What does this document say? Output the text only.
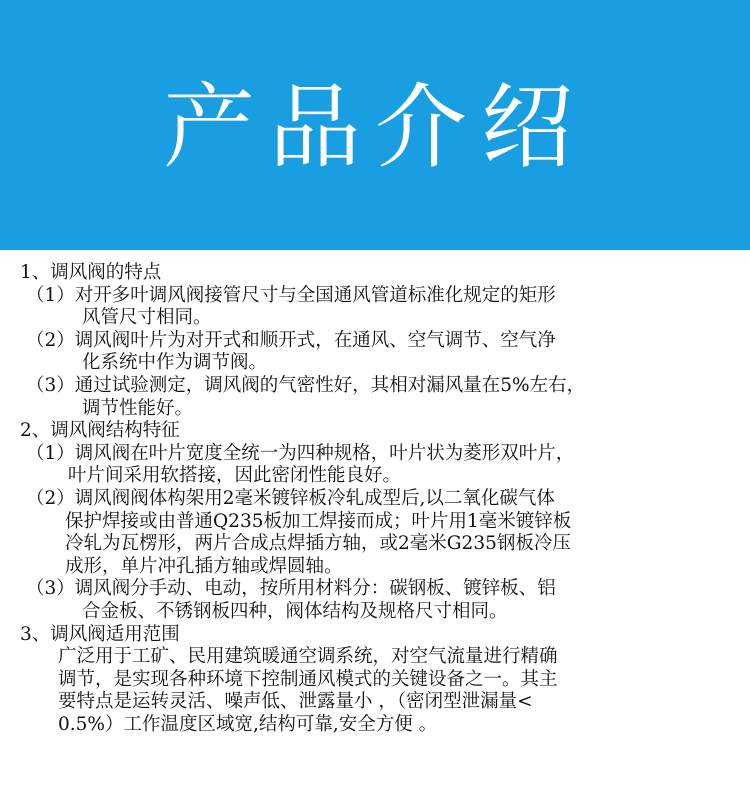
产品介绍
1、调风阀的特点
（1）对开多叶调风阀接管尺寸与全国通风管道标准化规定的矩形
风管尺寸相同。
（2）调风阀叶片为对开式和顺开式，在通风、空气调节、空气净
化系统中作为调节阀。
（3）通过试验测定，调风阀的气密性好，其相对漏风量在5%左右，
调节性能好。
2、调风阀结构特征
（1）调风阀在叶片宽度全统一为四种规格，叶片状为菱形双叶片，
叶片间采用软搭接，因此密闭性能良好。
（2）调风阀阀体构架用2毫米镀锌板冷轧成型后,以二氧化碳气体
保护焊接或由普通Q235板加工焊接而成；叶片用1毫米镀锌板
冷轧为瓦楞形，两片合成点焊插方轴，或2毫米G235钢板冷压
成形，单片冲孔插方轴或焊圆轴。
（3）调风阀分手动、电动，按所用材料分：碳钢板、镀锌板、铝
合金板、不锈钢板四种，阀体结构及规格尺寸相同。
3、调风阀适用范围
广泛用于工矿、民用建筑暖通空调系统，对空气流量进行精确
调节，是实现各种环境下控制通风模式的关键设备之一。其主
要特点是运转灵活、噪声低、泄露量小 ，（密闭型泄漏量<
0.5%）工作温度区域宽,结构可靠,安全方便 。
